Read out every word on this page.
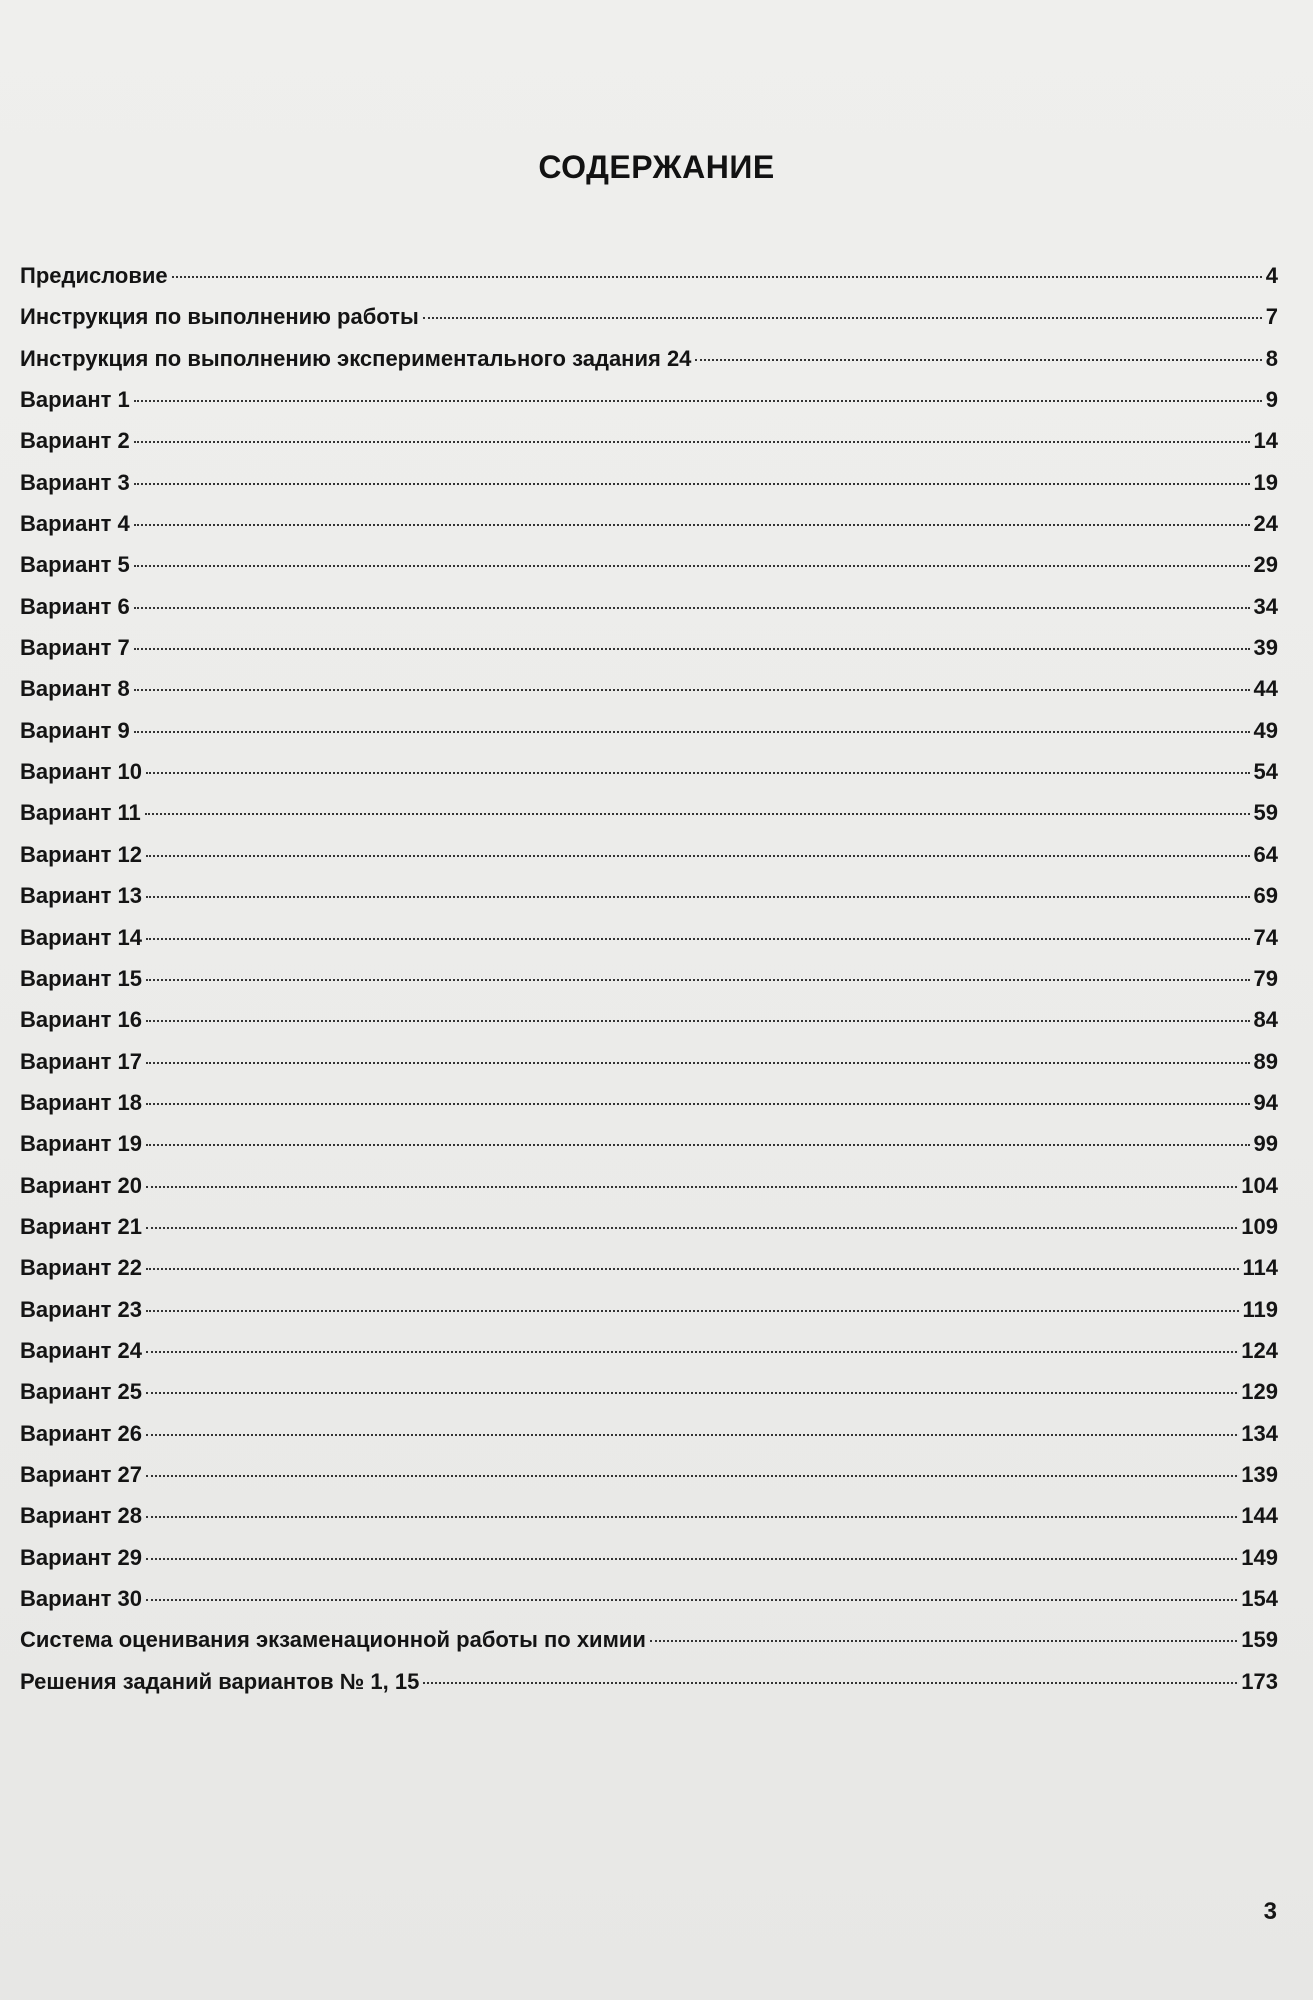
СОДЕРЖАНИЕ
Предисловие	4
Инструкция по выполнению работы	7
Инструкция по выполнению экспериментального задания 24	8
Вариант 1	9
Вариант 2	14
Вариант 3	19
Вариант 4	24
Вариант 5	29
Вариант 6	34
Вариант 7	39
Вариант 8	44
Вариант 9	49
Вариант 10	54
Вариант 11	59
Вариант 12	64
Вариант 13	69
Вариант 14	74
Вариант 15	79
Вариант 16	84
Вариант 17	89
Вариант 18	94
Вариант 19	99
Вариант 20	104
Вариант 21	109
Вариант 22	114
Вариант 23	119
Вариант 24	124
Вариант 25	129
Вариант 26	134
Вариант 27	139
Вариант 28	144
Вариант 29	149
Вариант 30	154
Система оценивания экзаменационной работы по химии	159
Решения заданий вариантов № 1, 15	173
3
